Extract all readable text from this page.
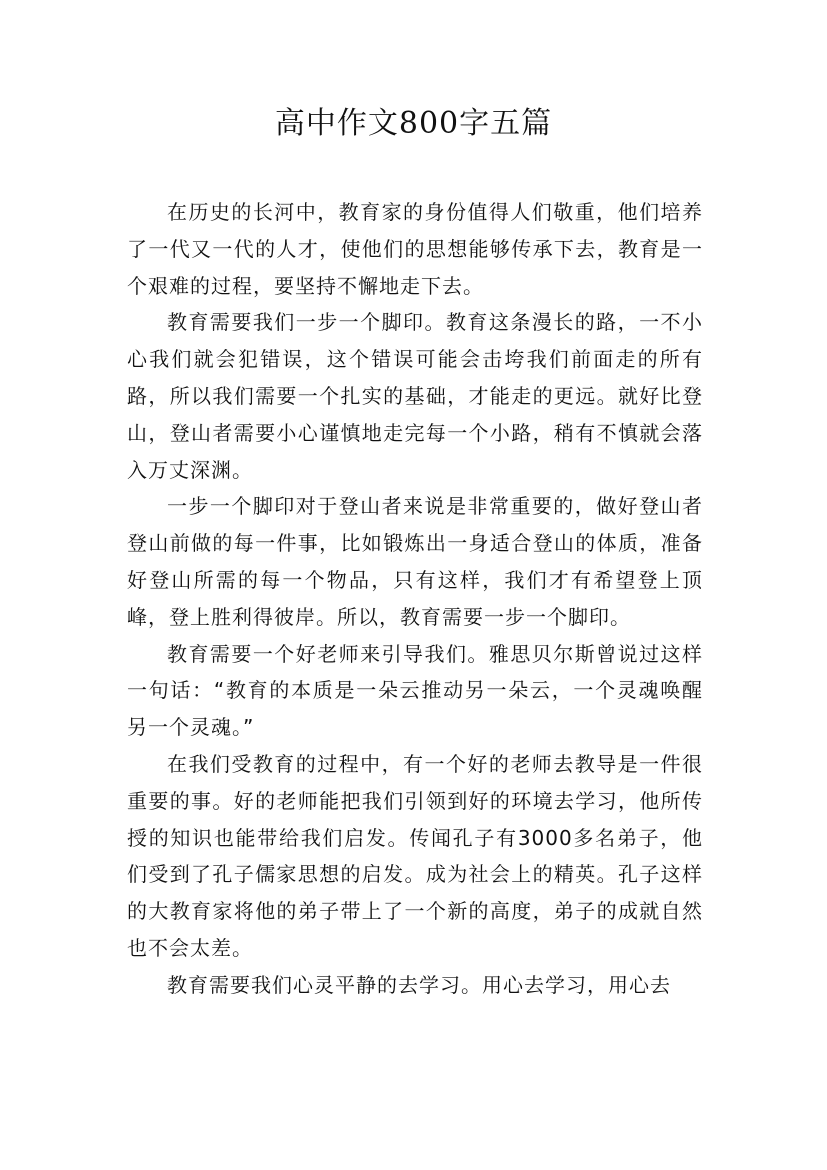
高中作文800字五篇

在历史的长河中，教育家的身份值得人们敬重，他们培养了一代又一代的人才，使他们的思想能够传承下去，教育是一个艰难的过程，要坚持不懈地走下去。

教育需要我们一步一个脚印。教育这条漫长的路，一不小心我们就会犯错误，这个错误可能会击垮我们前面走的所有路，所以我们需要一个扎实的基础，才能走的更远。就好比登山，登山者需要小心谨慎地走完每一个小路，稍有不慎就会落入万丈深渊。

一步一个脚印对于登山者来说是非常重要的，做好登山者登山前做的每一件事，比如锻炼出一身适合登山的体质，准备好登山所需的每一个物品，只有这样，我们才有希望登上顶峰，登上胜利得彼岸。所以，教育需要一步一个脚印。

教育需要一个好老师来引导我们。雅思贝尔斯曾说过这样一句话：“教育的本质是一朵云推动另一朵云，一个灵魂唤醒另一个灵魂。”

在我们受教育的过程中，有一个好的老师去教导是一件很重要的事。好的老师能把我们引领到好的环境去学习，他所传授的知识也能带给我们启发。传闻孔子有3000多名弟子，他们受到了孔子儒家思想的启发。成为社会上的精英。孔子这样的大教育家将他的弟子带上了一个新的高度，弟子的成就自然也不会太差。

教育需要我们心灵平静的去学习。用心去学习，用心去
